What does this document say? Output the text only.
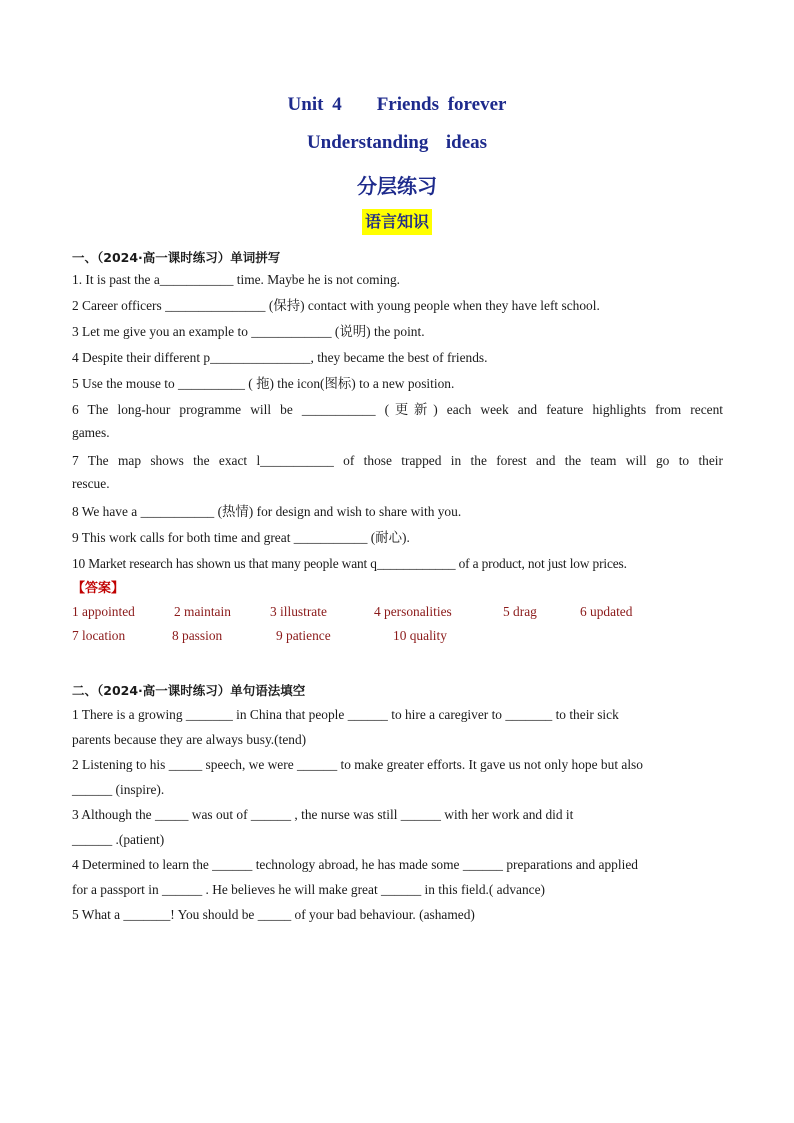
Unit 4    Friends forever
Understanding  ideas
分层练习
语言知识
一、（2024·高一课时练习）单词拼写
1. It is past the a___________ time. Maybe he is not coming.
2 Career officers _______________ (保持) contact with young people when they have left school.
3 Let me give you an example to ____________ (说明) the point.
4 Despite their different p_______________, they became the best of friends.
5 Use the mouse to __________ ( 拖) the icon(图标) to a new position.
6 The long-hour programme will be ___________ (更新) each week and feature highlights from recent
games.
7 The map shows the exact l___________ of those trapped in the forest and the team will go to their
rescue.
8 We have a ___________ (热情) for design and wish to share with you.
9 This work calls for both time and great ___________ (耐心).
10 Market research has shown us that many people want q____________ of a product, not just low prices.
【答案】
1 appointed	2 maintain	3 illustrate	4 personalities	5 drag	6 updated
7 location	8 passion	9 patience	10 quality
二、（2024·高一课时练习）单句语法填空
1 There is a growing _______ in China that people ______ to hire a caregiver to _______ to their sick
parents because they are always busy.(tend)
2 Listening to his _____ speech, we were ______ to make greater efforts. It gave us not only hope but also
______ (inspire).
3 Although the _____ was out of ______ , the nurse was still ______ with her work and did it
______ .(patient)
4 Determined to learn the ______ technology abroad, he has made some ______ preparations and applied
for a passport in ______ . He believes he will make great ______ in this field.( advance)
5 What a _______! You should be _____ of your bad behaviour. (ashamed)
